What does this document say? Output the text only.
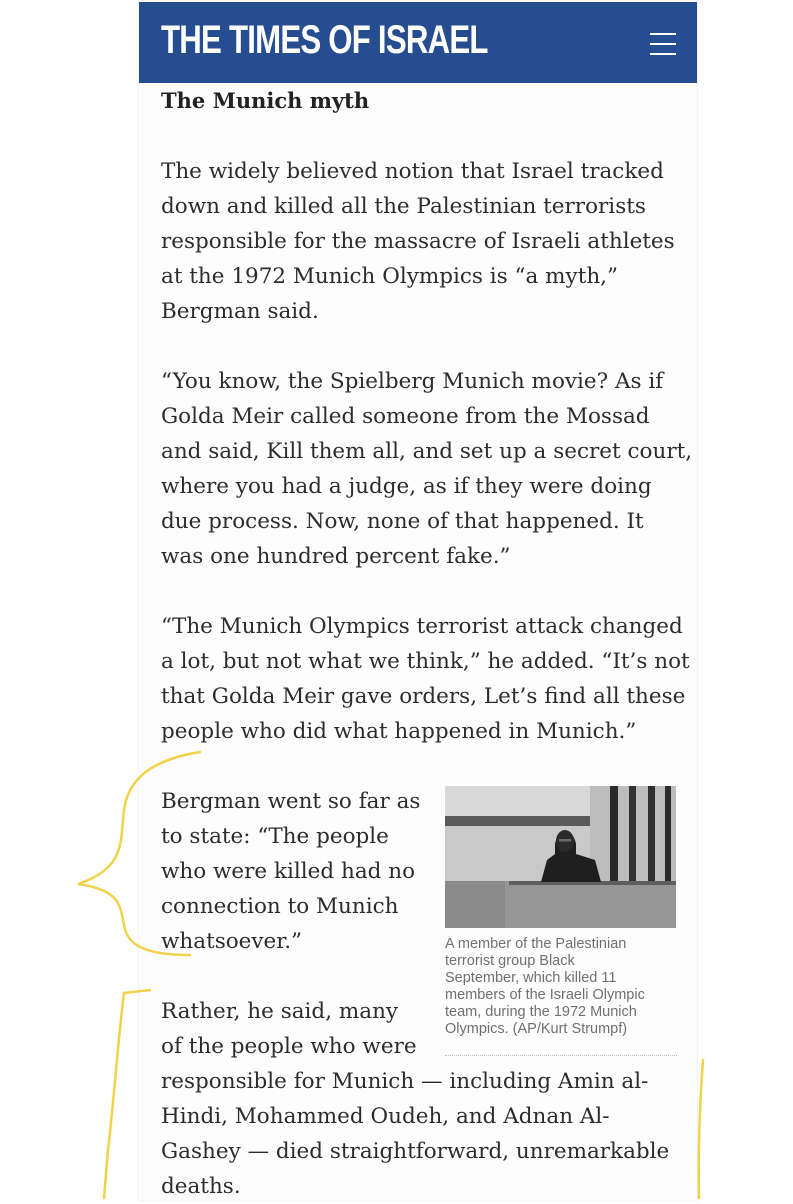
THE TIMES OF ISRAEL
The Munich myth

The widely believed notion that Israel tracked
down and killed all the Palestinian terrorists
responsible for the massacre of Israeli athletes
at the 1972 Munich Olympics is “a myth,”
Bergman said.

“You know, the Spielberg Munich movie? As if
Golda Meir called someone from the Mossad
and said, Kill them all, and set up a secret court,
where you had a judge, as if they were doing
due process. Now, none of that happened. It
was one hundred percent fake.”

“The Munich Olympics terrorist attack changed
a lot, but not what we think,” he added. “It’s not
that Golda Meir gave orders, Let’s find all these
people who did what happened in Munich.”

Bergman went so far as
to state: “The people
who were killed had no
connection to Munich
whatsoever.”

Rather, he said, many
of the people who were
responsible for Munich — including Amin al-
Hindi, Mohammed Oudeh, and Adnan Al-
Gashey — died straightforward, unremarkable
deaths.

A member of the Palestinian
terrorist group Black
September, which killed 11
members of the Israeli Olympic
team, during the 1972 Munich
Olympics. (AP/Kurt Strumpf)
